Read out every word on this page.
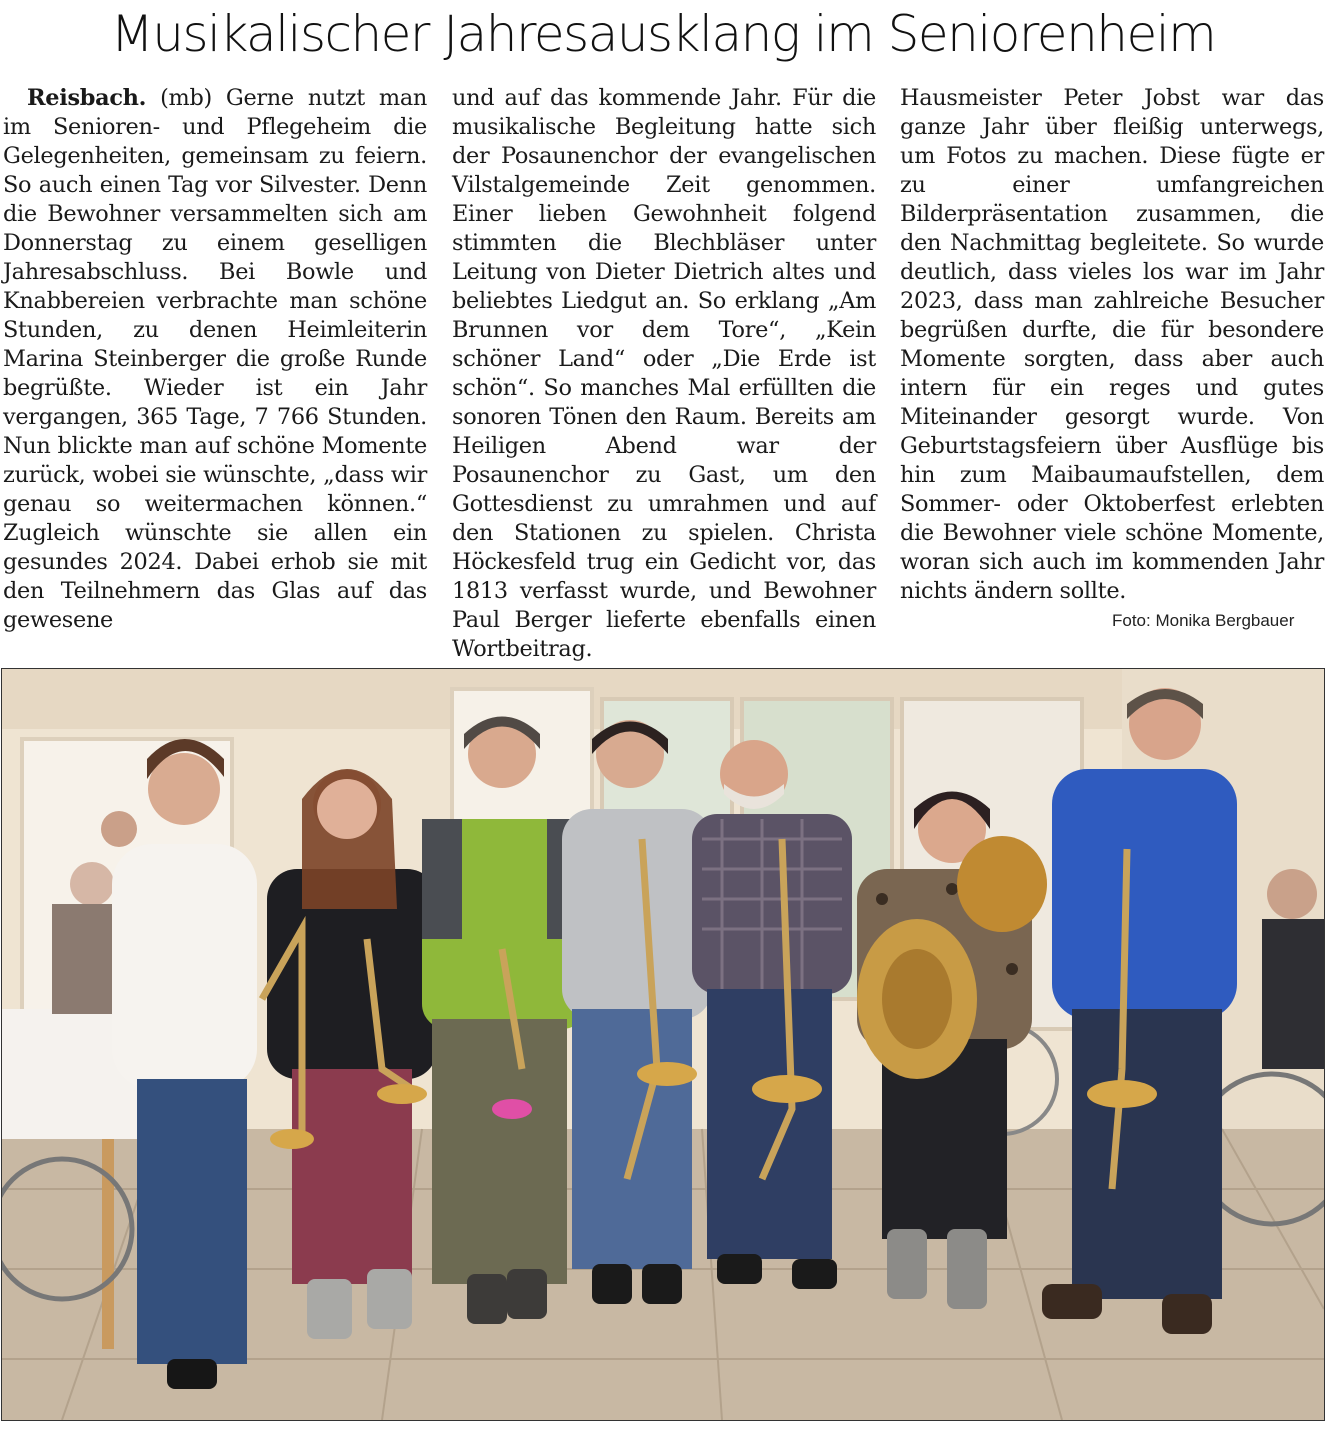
Musikalischer Jahresausklang im Seniorenheim

Reisbach. (mb) Gerne nutzt man im Senioren- und Pflegeheim die Gelegenheiten, gemeinsam zu feiern. So auch einen Tag vor Silvester. Denn die Bewohner versammelten sich am Donnerstag zu einem geselligen Jahresabschluss. Bei Bowle und Knabbereien verbrachte man schöne Stunden, zu denen Heimleiterin Marina Steinberger die große Runde begrüßte. Wieder ist ein Jahr vergangen, 365 Tage, 7 766 Stunden. Nun blickte man auf schöne Momente zurück, wobei sie wünschte, „dass wir genau so weitermachen können.“ Zugleich wünschte sie allen ein gesundes 2024. Dabei erhob sie mit den Teilnehmern das Glas auf das gewesene

und auf das kommende Jahr. Für die musikalische Begleitung hatte sich der Posaunenchor der evangelischen Vilstalgemeinde Zeit genommen. Einer lieben Gewohnheit folgend stimmten die Blechbläser unter Leitung von Dieter Dietrich altes und beliebtes Liedgut an. So erklang „Am Brunnen vor dem Tore“, „Kein schöner Land“ oder „Die Erde ist schön“. So manches Mal erfüllten die sonoren Tönen den Raum. Bereits am Heiligen Abend war der Posaunenchor zu Gast, um den Gottesdienst zu umrahmen und auf den Stationen zu spielen. Christa Höckesfeld trug ein Gedicht vor, das 1813 verfasst wurde, und Bewohner Paul Berger lieferte ebenfalls einen Wortbeitrag.

Hausmeister Peter Jobst war das ganze Jahr über fleißig unterwegs, um Fotos zu machen. Diese fügte er zu einer umfangreichen Bilderpräsentation zusammen, die den Nachmittag begleitete. So wurde deutlich, dass vieles los war im Jahr 2023, dass man zahlreiche Besucher begrüßen durfte, die für besondere Momente sorgten, dass aber auch intern für ein reges und gutes Miteinander gesorgt wurde. Von Geburtstagsfeiern über Ausflüge bis hin zum Maibaumaufstellen, dem Sommer- oder Oktoberfest erlebten die Bewohner viele schöne Momente, woran sich auch im kommenden Jahr nichts ändern sollte.

Foto: Monika Bergbauer
